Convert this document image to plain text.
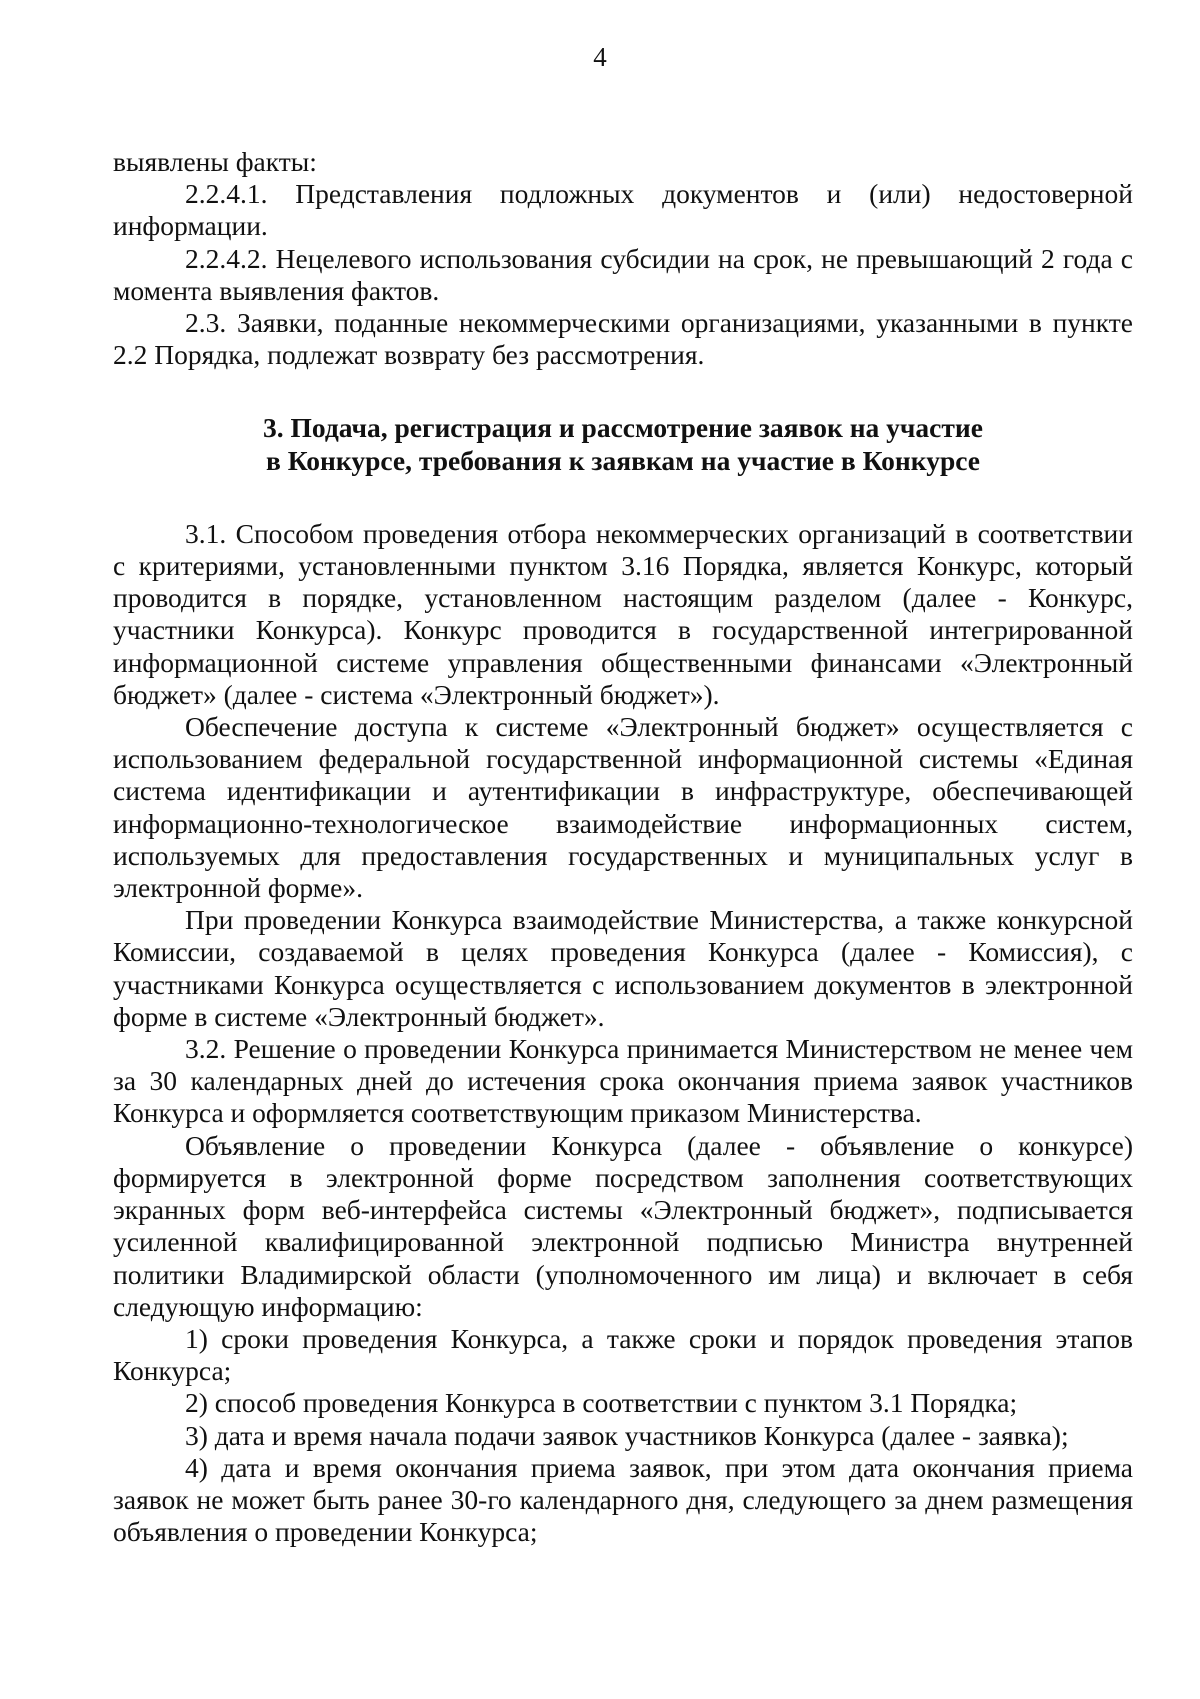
4

выявлены факты:

2.2.4.1. Представления подложных документов и (или) недостоверной информации.

2.2.4.2. Нецелевого использования субсидии на срок, не превышающий 2 года с момента выявления фактов.

2.3. Заявки, поданные некоммерческими организациями, указанными в пункте 2.2 Порядка, подлежат возврату без рассмотрения.

3. Подача, регистрация и рассмотрение заявок на участие
в Конкурсе, требования к заявкам на участие в Конкурсе

3.1. Способом проведения отбора некоммерческих организаций в соответствии с критериями, установленными пунктом 3.16 Порядка, является Конкурс, который проводится в порядке, установленном настоящим разделом (далее - Конкурс, участники Конкурса). Конкурс проводится в государственной интегрированной информационной системе управления общественными финансами «Электронный бюджет» (далее - система «Электронный бюджет»).

Обеспечение доступа к системе «Электронный бюджет» осуществляется с использованием федеральной государственной информационной системы «Единая система идентификации и аутентификации в инфраструктуре, обеспечивающей информационно-технологическое взаимодействие информационных систем, используемых для предоставления государственных и муниципальных услуг в электронной форме».

При проведении Конкурса взаимодействие Министерства, а также конкурсной Комиссии, создаваемой в целях проведения Конкурса (далее - Комиссия), с участниками Конкурса осуществляется с использованием документов в электронной форме в системе «Электронный бюджет».

3.2. Решение о проведении Конкурса принимается Министерством не менее чем за 30 календарных дней до истечения срока окончания приема заявок участников Конкурса и оформляется соответствующим приказом Министерства.

Объявление о проведении Конкурса (далее - объявление о конкурсе) формируется в электронной форме посредством заполнения соответствующих экранных форм веб-интерфейса системы «Электронный бюджет», подписывается усиленной квалифицированной электронной подписью Министра внутренней политики Владимирской области (уполномоченного им лица) и включает в себя следующую информацию:

1) сроки проведения Конкурса, а также сроки и порядок проведения этапов Конкурса;

2) способ проведения Конкурса в соответствии с пунктом 3.1 Порядка;

3) дата и время начала подачи заявок участников Конкурса (далее - заявка);

4) дата и время окончания приема заявок, при этом дата окончания приема заявок не может быть ранее 30-го календарного дня, следующего за днем размещения объявления о проведении Конкурса;
